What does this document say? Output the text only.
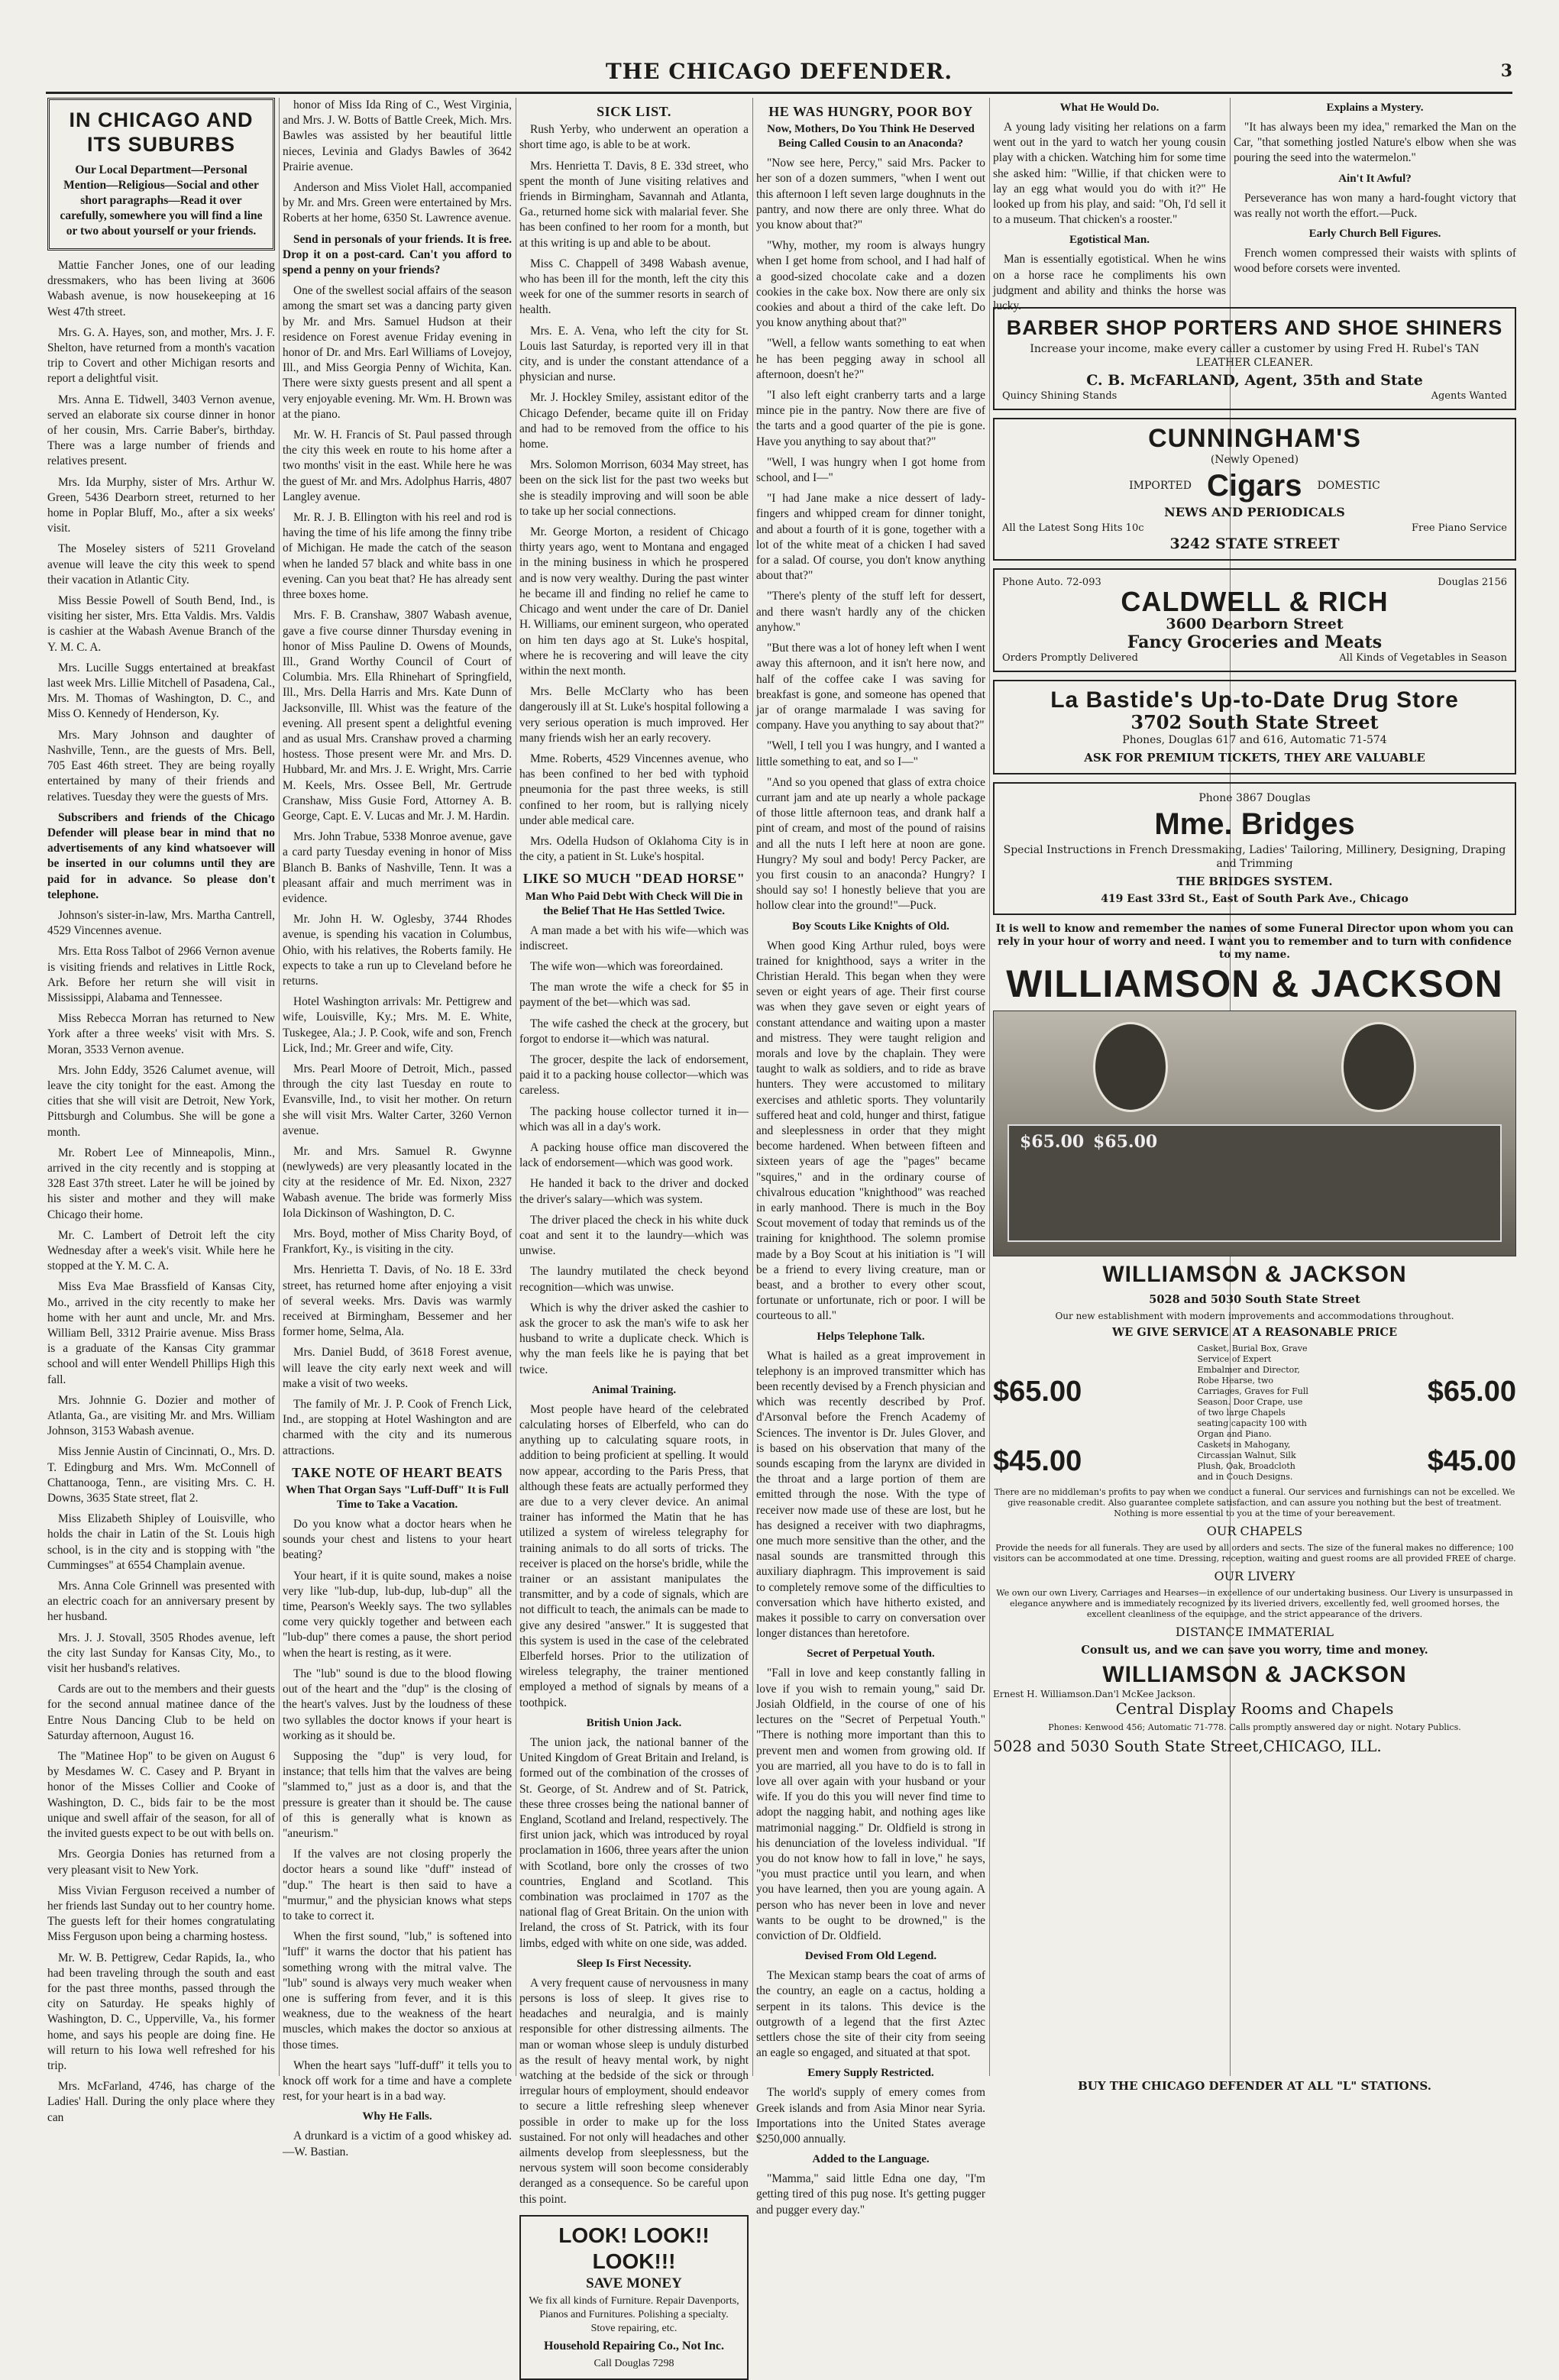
THE CHICAGO DEFENDER.	3
IN CHICAGO AND ITS SUBURBS
Our Local Department—Personal Mention—Religious—Social and other short paragraphs—Read it over carefully, somewhere you will find a line or two about yourself or your friends.

Mattie Fancher Jones, one of our leading dressmakers, who has been living at 3606 Wabash avenue, is now housekeeping at 16 West 47th street.

Mrs. G. A. Hayes, son, and mother, Mrs. J. F. Shelton, have returned from a month's vacation trip to Covert and other Michigan resorts and report a delightful visit.

Mrs. Anna E. Tidwell, 3403 Vernon avenue, served an elaborate six course dinner in honor of her cousin, Mrs. Carrie Baber's, birthday. There was a large number of friends and relatives present.

Mrs. Ida Murphy, sister of Mrs. Arthur W. Green, 5436 Dearborn street, returned to her home in Poplar Bluff, Mo., after a six weeks' visit.

The Moseley sisters of 5211 Groveland avenue will leave the city this week to spend their vacation in Atlantic City.

Miss Bessie Powell of South Bend, Ind., is visiting her sister, Mrs. Etta Valdis. Mrs. Valdis is cashier at the Wabash Avenue Branch of the Y. M. C. A.

Mrs. Lucille Suggs entertained at breakfast last week Mrs. Lillie Mitchell of Pasadena, Cal., Mrs. M. Thomas of Washington, D. C., and Miss O. Kennedy of Henderson, Ky.

Mrs. Mary Johnson and daughter of Nashville, Tenn., are the guests of Mrs. Bell, 705 East 46th street. They are being royally entertained by many of their friends and relatives. Tuesday they were the guests of Mrs.

Subscribers and friends of the Chicago Defender will please bear in mind that no advertisements of any kind whatsoever will be inserted in our columns until they are paid for in advance. So please don't telephone.

Johnson's sister-in-law, Mrs. Martha Cantrell, 4529 Vincennes avenue.

Mrs. Etta Ross Talbot of 2966 Vernon avenue is visiting friends and relatives in Little Rock, Ark. Before her return she will visit in Mississippi, Alabama and Tennessee.

Miss Rebecca Morran has returned to New York after a three weeks' visit with Mrs. S. Moran, 3533 Vernon avenue.

Mrs. John Eddy, 3526 Calumet avenue, will leave the city tonight for the east. Among the cities that she will visit are Detroit, New York, Pittsburgh and Columbus. She will be gone a month.

Mr. Robert Lee of Minneapolis, Minn., arrived in the city recently and is stopping at 328 East 37th street. Later he will be joined by his sister and mother and they will make Chicago their home.

Mr. C. Lambert of Detroit left the city Wednesday after a week's visit. While here he stopped at the Y. M. C. A.

Miss Eva Mae Brassfield of Kansas City, Mo., arrived in the city recently to make her home with her aunt and uncle, Mr. and Mrs. William Bell, 3312 Prairie avenue. Miss Brass is a graduate of the Kansas City grammar school and will enter Wendell Phillips High this fall.

Mrs. Johnnie G. Dozier and mother of Atlanta, Ga., are visiting Mr. and Mrs. William Johnson, 3153 Wabash avenue.

Miss Jennie Austin of Cincinnati, O., Mrs. D. T. Edingburg and Mrs. Wm. McConnell of Chattanooga, Tenn., are visiting Mrs. C. H. Downs, 3635 State street, flat 2.

Miss Elizabeth Shipley of Louisville, who holds the chair in Latin of the St. Louis high school, is in the city and is stopping with "the Cummingses" at 6554 Champlain avenue.

Mrs. Anna Cole Grinnell was presented with an electric coach for an anniversary present by her husband.

Mrs. J. J. Stovall, 3505 Rhodes avenue, left the city last Sunday for Kansas City, Mo., to visit her husband's relatives.

Cards are out to the members and their guests for the second annual matinee dance of the Entre Nous Dancing Club to be held on Saturday afternoon, August 16.

The "Matinee Hop" to be given on August 6 by Mesdames W. C. Casey and P. Bryant in honor of the Misses Collier and Cooke of Washington, D. C., bids fair to be the most unique and swell affair of the season, for all of the invited guests expect to be out with bells on.

Mrs. Georgia Donies has returned from a very pleasant visit to New York.

Miss Vivian Ferguson received a number of her friends last Sunday out to her country home. The guests left for their homes congratulating Miss Ferguson upon being a charming hostess.

Mr. W. B. Pettigrew, Cedar Rapids, Ia., who had been traveling through the south and east for the past three months, passed through the city on Saturday. He speaks highly of Washington, D. C., Upperville, Va., his former home, and says his people are doing fine. He will return to his Iowa well refreshed for his trip.

Mrs. McFarland, 4746, has charge of the Ladies' Hall. During the only place where they can

honor of Miss Ida Ring of C., West Virginia, and Mrs. J. W. Botts of Battle Creek, Mich. Mrs. Bawles was assisted by her beautiful little nieces, Levinia and Gladys Bawles of 3642 Prairie avenue.

Anderson and Miss Violet Hall, accompanied by Mr. and Mrs. Green were entertained by Mrs. Roberts at her home, 6350 St. Lawrence avenue.

Send in personals of your friends. It is free. Drop it on a post-card. Can't you afford to spend a penny on your friends?

One of the swellest social affairs of the season among the smart set was a dancing party given by Mr. and Mrs. Samuel Hudson at their residence on Forest avenue Friday evening in honor of Dr. and Mrs. Earl Williams of Lovejoy, Ill., and Miss Georgia Penny of Wichita, Kan. There were sixty guests present and all spent a very enjoyable evening. Mr. Wm. H. Brown was at the piano.

Mr. W. H. Francis of St. Paul passed through the city this week en route to his home after a two months' visit in the east. While here he was the guest of Mr. and Mrs. Adolphus Harris, 4807 Langley avenue.

Mr. R. J. B. Ellington with his reel and rod is having the time of his life among the finny tribe of Michigan. He made the catch of the season when he landed 57 black and white bass in one evening. Can you beat that? He has already sent three boxes home.

Mrs. F. B. Cranshaw, 3807 Wabash avenue, gave a five course dinner Thursday evening in honor of Miss Pauline D. Owens of Mounds, Ill., Grand Worthy Council of Court of Columbia. Mrs. Ella Rhinehart of Springfield, Ill., Mrs. Della Harris and Mrs. Kate Dunn of Jacksonville, Ill. Whist was the feature of the evening. All present spent a delightful evening and as usual Mrs. Cranshaw proved a charming hostess. Those present were Mr. and Mrs. D. Hubbard, Mr. and Mrs. J. E. Wright, Mrs. Carrie M. Keels, Mrs. Ossee Bell, Mr. Gertrude Cranshaw, Miss Gusie Ford, Attorney A. B. George, Capt. E. V. Lucas and Mr. J. M. Hardin.

Mrs. John Trabue, 5338 Monroe avenue, gave a card party Tuesday evening in honor of Miss Blanch B. Banks of Nashville, Tenn. It was a pleasant affair and much merriment was in evidence.

Mr. John H. W. Oglesby, 3744 Rhodes avenue, is spending his vacation in Columbus, Ohio, with his relatives, the Roberts family. He expects to take a run up to Cleveland before he returns.

Hotel Washington arrivals: Mr. Pettigrew and wife, Louisville, Ky.; Mrs. M. E. White, Tuskegee, Ala.; J. P. Cook, wife and son, French Lick, Ind.; Mr. Greer and wife, City.

Mrs. Pearl Moore of Detroit, Mich., passed through the city last Tuesday en route to Evansville, Ind., to visit her mother. On return she will visit Mrs. Walter Carter, 3260 Vernon avenue.

Mr. and Mrs. Samuel R. Gwynne (newlyweds) are very pleasantly located in the city at the residence of Mr. Ed. Nixon, 2327 Wabash avenue. The bride was formerly Miss Iola Dickinson of Washington, D. C.

Mrs. Boyd, mother of Miss Charity Boyd, of Frankfort, Ky., is visiting in the city.

Mrs. Henrietta T. Davis, of No. 18 E. 33rd street, has returned home after enjoying a visit of several weeks. Mrs. Davis was warmly received at Birmingham, Bessemer and her former home, Selma, Ala.

Mrs. Daniel Budd, of 3618 Forest avenue, will leave the city early next week and will make a visit of two weeks.

The family of Mr. J. P. Cook of French Lick, Ind., are stopping at Hotel Washington and are charmed with the city and its numerous attractions.

TAKE NOTE OF HEART BEATS
When That Organ Says "Luff-Duff" It is Full Time to Take a Vacation.

Do you know what a doctor hears when he sounds your chest and listens to your heart beating?

Your heart, if it is quite sound, makes a noise very like "lub-dup, lub-dup, lub-dup" all the time, Pearson's Weekly says. The two syllables come very quickly together and between each "lub-dup" there comes a pause, the short period when the heart is resting, as it were.

The "lub" sound is due to the blood flowing out of the heart and the "dup" is the closing of the heart's valves. Just by the loudness of these two syllables the doctor knows if your heart is working as it should be.

Supposing the "dup" is very loud, for instance; that tells him that the valves are being "slammed to," just as a door is, and that the pressure is greater than it should be. The cause of this is generally what is known as "aneurism."

If the valves are not closing properly the doctor hears a sound like "duff" instead of "dup." The heart is then said to have a "murmur," and the physician knows what steps to take to correct it.

When the first sound, "lub," is softened into "luff" it warns the doctor that his patient has something wrong with the mitral valve. The "lub" sound is always very much weaker when one is suffering from fever, and it is this weakness, due to the weakness of the heart muscles, which makes the doctor so anxious at those times.

When the heart says "luff-duff" it tells you to knock off work for a time and have a complete rest, for your heart is in a bad way.

Why He Falls.

A drunkard is a victim of a good whiskey ad.—W. Bastian.

SICK LIST.

Rush Yerby, who underwent an operation a short time ago, is able to be at work.

Mrs. Henrietta T. Davis, 8 E. 33d street, who spent the month of June visiting relatives and friends in Birmingham, Savannah and Atlanta, Ga., returned home sick with malarial fever. She has been confined to her room for a month, but at this writing is up and able to be about.

Miss C. Chappell of 3498 Wabash avenue, who has been ill for the month, left the city this week for one of the summer resorts in search of health.

Mrs. E. A. Vena, who left the city for St. Louis last Saturday, is reported very ill in that city, and is under the constant attendance of a physician and nurse.

Mr. J. Hockley Smiley, assistant editor of the Chicago Defender, became quite ill on Friday and had to be removed from the office to his home.

Mrs. Solomon Morrison, 6034 May street, has been on the sick list for the past two weeks but she is steadily improving and will soon be able to take up her social connections.

Mr. George Morton, a resident of Chicago thirty years ago, went to Montana and engaged in the mining business in which he prospered and is now very wealthy. During the past winter he became ill and finding no relief he came to Chicago and went under the care of Dr. Daniel H. Williams, our eminent surgeon, who operated on him ten days ago at St. Luke's hospital, where he is recovering and will leave the city within the next month.

Mrs. Belle McClarty who has been dangerously ill at St. Luke's hospital following a very serious operation is much improved. Her many friends wish her an early recovery.

Mme. Roberts, 4529 Vincennes avenue, who has been confined to her bed with typhoid pneumonia for the past three weeks, is still confined to her room, but is rallying nicely under able medical care.

Mrs. Odella Hudson of Oklahoma City is in the city, a patient in St. Luke's hospital.

LIKE SO MUCH "DEAD HORSE"
Man Who Paid Debt With Check Will Die in the Belief That He Has Settled Twice.

A man made a bet with his wife—which was indiscreet.

The wife won—which was foreordained.

The man wrote the wife a check for $5 in payment of the bet—which was sad.

The wife cashed the check at the grocery, but forgot to endorse it—which was natural.

The grocer, despite the lack of endorsement, paid it to a packing house collector—which was careless.

The packing house collector turned it in—which was all in a day's work.

A packing house office man discovered the lack of endorsement—which was good work.

He handed it back to the driver and docked the driver's salary—which was system.

The driver placed the check in his white duck coat and sent it to the laundry—which was unwise.

The laundry mutilated the check beyond recognition—which was unwise.

Which is why the driver asked the cashier to ask the grocer to ask the man's wife to ask her husband to write a duplicate check. Which is why the man feels like he is paying that bet twice.

Animal Training.

Most people have heard of the celebrated calculating horses of Elberfeld, who can do anything up to calculating square roots, in addition to being proficient at spelling. It would now appear, according to the Paris Press, that although these feats are actually performed they are due to a very clever device. An animal trainer has informed the Matin that he has utilized a system of wireless telegraphy for training animals to do all sorts of tricks. The receiver is placed on the horse's bridle, while the trainer or an assistant manipulates the transmitter, and by a code of signals, which are not difficult to teach, the animals can be made to give any desired "answer." It is suggested that this system is used in the case of the celebrated Elberfeld horses. Prior to the utilization of wireless telegraphy, the trainer mentioned employed a method of signals by means of a toothpick.

British Union Jack.

The union jack, the national banner of the United Kingdom of Great Britain and Ireland, is formed out of the combination of the crosses of St. George, of St. Andrew and of St. Patrick, these three crosses being the national banner of England, Scotland and Ireland, respectively. The first union jack, which was introduced by royal proclamation in 1606, three years after the union with Scotland, bore only the crosses of two countries, England and Scotland. This combination was proclaimed in 1707 as the national flag of Great Britain. On the union with Ireland, the cross of St. Patrick, with its four limbs, edged with white on one side, was added.

Sleep Is First Necessity.

A very frequent cause of nervousness in many persons is loss of sleep. It gives rise to headaches and neuralgia, and is mainly responsible for other distressing ailments. The man or woman whose sleep is unduly disturbed as the result of heavy mental work, by night watching at the bedside of the sick or through irregular hours of employment, should endeavor to secure a little refreshing sleep whenever possible in order to make up for the loss sustained. For not only will headaches and other ailments develop from sleeplessness, but the nervous system will soon become considerably deranged as a consequence. So be careful upon this point.

LOOK! LOOK!! LOOK!!!
SAVE MONEY
We fix all kinds of Furniture. Repair Davenports, Pianos and Furnitures. Polishing a specialty. Stove repairing, etc.
Household Repairing Co., Not Inc.
Call Douglas 7298
HE WAS HUNGRY, POOR BOY
Now, Mothers, Do You Think He Deserved Being Called Cousin to an Anaconda?

"Now see here, Percy," said Mrs. Packer to her son of a dozen summers, "when I went out this afternoon I left seven large doughnuts in the pantry, and now there are only three. What do you know about that?"

"Why, mother, my room is always hungry when I get home from school, and I had half of a good-sized chocolate cake and a dozen cookies in the cake box. Now there are only six cookies and about a third of the cake left. Do you know anything about that?"

"Well, a fellow wants something to eat when he has been pegging away in school all afternoon, doesn't he?"

"I also left eight cranberry tarts and a large mince pie in the pantry. Now there are five of the tarts and a good quarter of the pie is gone. Have you anything to say about that?"

"Well, I was hungry when I got home from school, and I—"

"I had Jane make a nice dessert of lady-fingers and whipped cream for dinner tonight, and about a fourth of it is gone, together with a lot of the white meat of a chicken I had saved for a salad. Of course, you don't know anything about that?"

"There's plenty of the stuff left for dessert, and there wasn't hardly any of the chicken anyhow."

"But there was a lot of honey left when I went away this afternoon, and it isn't here now, and half of the coffee cake I was saving for breakfast is gone, and someone has opened that jar of orange marmalade I was saving for company. Have you anything to say about that?"

"Well, I tell you I was hungry, and I wanted a little something to eat, and so I—"

"And so you opened that glass of extra choice currant jam and ate up nearly a whole package of those little afternoon teas, and drank half a pint of cream, and most of the pound of raisins and all the nuts I left here at noon are gone. Hungry? My soul and body! Percy Packer, are you first cousin to an anaconda? Hungry? I should say so! I honestly believe that you are hollow clear into the ground!"—Puck.

Boy Scouts Like Knights of Old.

When good King Arthur ruled, boys were trained for knighthood, says a writer in the Christian Herald. This began when they were seven or eight years of age. Their first course was when they gave seven or eight years of constant attendance and waiting upon a master and mistress. They were taught religion and morals and love by the chaplain. They were taught to walk as soldiers, and to ride as brave hunters. They were accustomed to military exercises and athletic sports. They voluntarily suffered heat and cold, hunger and thirst, fatigue and sleeplessness in order that they might become hardened. When between fifteen and sixteen years of age the "pages" became "squires," and in the ordinary course of chivalrous education "knighthood" was reached in early manhood. There is much in the Boy Scout movement of today that reminds us of the training for knighthood. The solemn promise made by a Boy Scout at his initiation is "I will be a friend to every living creature, man or beast, and a brother to every other scout, fortunate or unfortunate, rich or poor. I will be courteous to all."

Helps Telephone Talk.

What is hailed as a great improvement in telephony is an improved transmitter which has been recently devised by a French physician and which was recently described by Prof. d'Arsonval before the French Academy of Sciences. The inventor is Dr. Jules Glover, and is based on his observation that many of the sounds escaping from the larynx are divided in the throat and a large portion of them are emitted through the nose. With the type of receiver now made use of these are lost, but he has designed a receiver with two diaphragms, one much more sensitive than the other, and the nasal sounds are transmitted through this auxiliary diaphragm. This improvement is said to completely remove some of the difficulties to conversation which have hitherto existed, and makes it possible to carry on conversation over longer distances than heretofore.

Secret of Perpetual Youth.

"Fall in love and keep constantly falling in love if you wish to remain young," said Dr. Josiah Oldfield, in the course of one of his lectures on the "Secret of Perpetual Youth." "There is nothing more important than this to prevent men and women from growing old. If you are married, all you have to do is to fall in love all over again with your husband or your wife. If you do this you will never find time to adopt the nagging habit, and nothing ages like matrimonial nagging." Dr. Oldfield is strong in his denunciation of the loveless individual. "If you do not know how to fall in love," he says, "you must practice until you learn, and when you have learned, then you are young again. A person who has never been in love and never wants to be ought to be drowned," is the conviction of Dr. Oldfield.

Devised From Old Legend.

The Mexican stamp bears the coat of arms of the country, an eagle on a cactus, holding a serpent in its talons. This device is the outgrowth of a legend that the first Aztec settlers chose the site of their city from seeing an eagle so engaged, and situated at that spot.

Emery Supply Restricted.

The world's supply of emery comes from Greek islands and from Asia Minor near Syria. Importations into the United States average $250,000 annually.

Added to the Language.

"Mamma," said little Edna one day, "I'm getting tired of this pug nose. It's getting pugger and pugger every day."

What He Would Do.

A young lady visiting her relations on a farm went out in the yard to watch her young cousin play with a chicken. Watching him for some time she asked him: "Willie, if that chicken were to lay an egg what would you do with it?" He looked up from his play, and said: "Oh, I'd sell it to a museum. That chicken's a rooster."

Egotistical Man.

Man is essentially egotistical. When he wins on a horse race he compliments his own judgment and ability and thinks the horse was lucky.

Explains a Mystery.

"It has always been my idea," remarked the Man on the Car, "that something jostled Nature's elbow when she was pouring the seed into the watermelon."

Ain't It Awful?

Perseverance has won many a hard-fought victory that was really not worth the effort.—Puck.

Early Church Bell Figures.

French women compressed their waists with splints of wood before corsets were invented.

BARBER SHOP PORTERS AND SHOE SHINERS
Increase your income, make every caller a customer by using Fred H. Rubel's TAN LEATHER CLEANER.
C. B. McFARLAND, Agent, 35th and State
Quincy Shining Stands	Agents Wanted
CUNNINGHAM'S
(Newly Opened)
IMPORTED Cigars DOMESTIC
NEWS AND PERIODICALS
All the Latest Song Hits 10c	Free Piano Service
3242 STATE STREET
Phone Auto. 72-093	Douglas 2156
CALDWELL & RICH
3600 Dearborn Street
Fancy Groceries and Meats
Orders Promptly Delivered	All Kinds of Vegetables in Season
La Bastide's Up-to-Date Drug Store
3702 South State Street
Phones, Douglas 617 and 616, Automatic 71-574
ASK FOR PREMIUM TICKETS, THEY ARE VALUABLE
Phone 3867 Douglas
Mme. Bridges
Special Instructions in French Dressmaking, Ladies' Tailoring, Millinery, Designing, Draping and Trimming
THE BRIDGES SYSTEM.
419 East 33rd St., East of South Park Ave., Chicago
It is well to know and remember the names of some Funeral Director upon whom you can rely in your hour of worry and need. I want you to remember and to turn with confidence to my name.
WILLIAMSON & JACKSON
$65.00 $65.00
WILLIAMSON & JACKSON
5028 and 5030 South State Street
Our new establishment with modern improvements and accommodations throughout.
WE GIVE SERVICE AT A REASONABLE PRICE
$65.00
Casket, Burial Box, Grave Service of Expert Embalmer and Director, Robe Hearse, two Carriages, Graves for Full Season. Door Crape, use of two large Chapels seating capacity 100 with Organ and Piano.
$65.00
$45.00
Caskets in Mahogany, Circassian Walnut, Silk Plush, Oak, Broadcloth and in Couch Designs.	$45.00
There are no middleman's profits to pay when we conduct a funeral. Our services and furnishings can not be excelled. We give reasonable credit. Also guarantee complete satisfaction, and can assure you nothing but the best of treatment. Nothing is more essential to you at the time of your bereavement.
OUR CHAPELS
Provide the needs for all funerals. They are used by all orders and sects. The size of the funeral makes no difference; 100 visitors can be accommodated at one time. Dressing, reception, waiting and guest rooms are all provided FREE of charge.
OUR LIVERY
We own our own Livery, Carriages and Hearses—in excellence of our undertaking business. Our Livery is unsurpassed in elegance anywhere and is immediately recognized by its liveried drivers, excellently fed, well groomed horses, the excellent cleanliness of the equipage, and the strict appearance of the drivers.
DISTANCE IMMATERIAL
Consult us, and we can save you worry, time and money.
WILLIAMSON & JACKSON
Ernest H. Williamson.Dan'l McKee Jackson.
Central Display Rooms and Chapels
Phones: Kenwood 456; Automatic 71-778. Calls promptly answered day or night. Notary Publics.
5028 and 5030 South State Street,CHICAGO, ILL.
BUY THE CHICAGO DEFENDER AT ALL "L" STATIONS.
